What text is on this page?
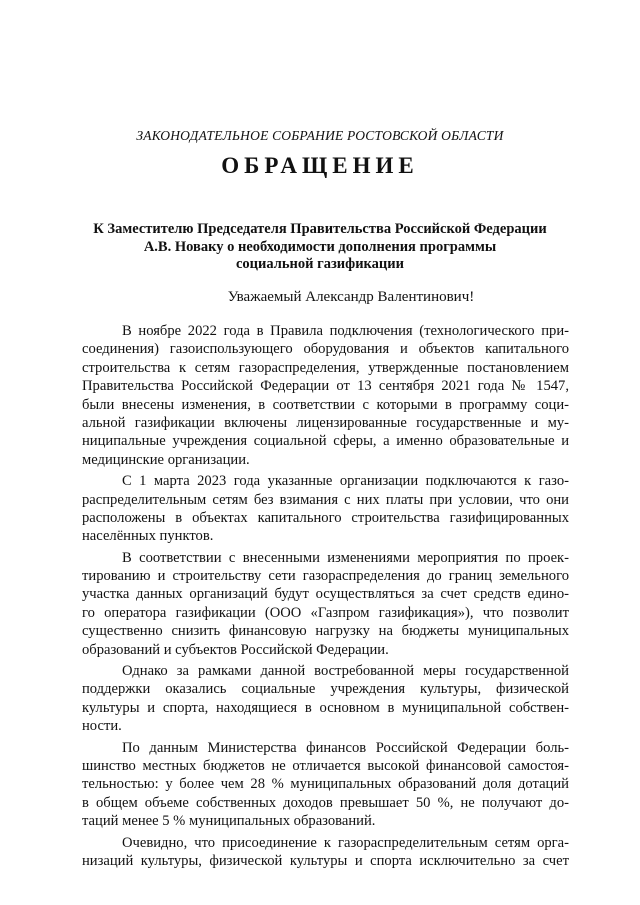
ЗАКОНОДАТЕЛЬНОЕ СОБРАНИЕ РОСТОВСКОЙ ОБЛАСТИ
ОБРАЩЕНИЕ
К Заместителю Председателя Правительства Российской Федерации
А.В. Новаку о необходимости дополнения программы
социальной газификации
Уважаемый Александр Валентинович!
В ноябре 2022 года в Правила подключения (технологического при-
соединения) газоиспользующего оборудования и объектов капитального
строительства к сетям газораспределения, утвержденные постановлением
Правительства Российской Федерации от 13 сентября 2021 года № 1547,
были внесены изменения, в соответствии с которыми в программу соци-
альной газификации включены лицензированные государственные и му-
ниципальные учреждения социальной сферы, а именно образовательные и
медицинские организации.
С 1 марта 2023 года указанные организации подключаются к газо-
распределительным сетям без взимания с них платы при условии, что они
расположены в объектах капитального строительства газифицированных
населённых пунктов.
В соответствии с внесенными изменениями мероприятия по проек-
тированию и строительству сети газораспределения до границ земельного
участка данных организаций будут осуществляться за счет средств едино-
го оператора газификации (ООО «Газпром газификация»), что позволит
существенно снизить финансовую нагрузку на бюджеты муниципальных
образований и субъектов Российской Федерации.
Однако за рамками данной востребованной меры государственной
поддержки оказались социальные учреждения культуры, физической
культуры и спорта, находящиеся в основном в муниципальной собствен-
ности.
По данным Министерства финансов Российской Федерации боль-
шинство местных бюджетов не отличается высокой финансовой самостоя-
тельностью: у более чем 28 % муниципальных образований доля дотаций
в общем объеме собственных доходов превышает 50 %, не получают до-
таций менее 5 % муниципальных образований.
Очевидно, что присоединение к газораспределительным сетям орга-
низаций культуры, физической культуры и спорта исключительно за счет
